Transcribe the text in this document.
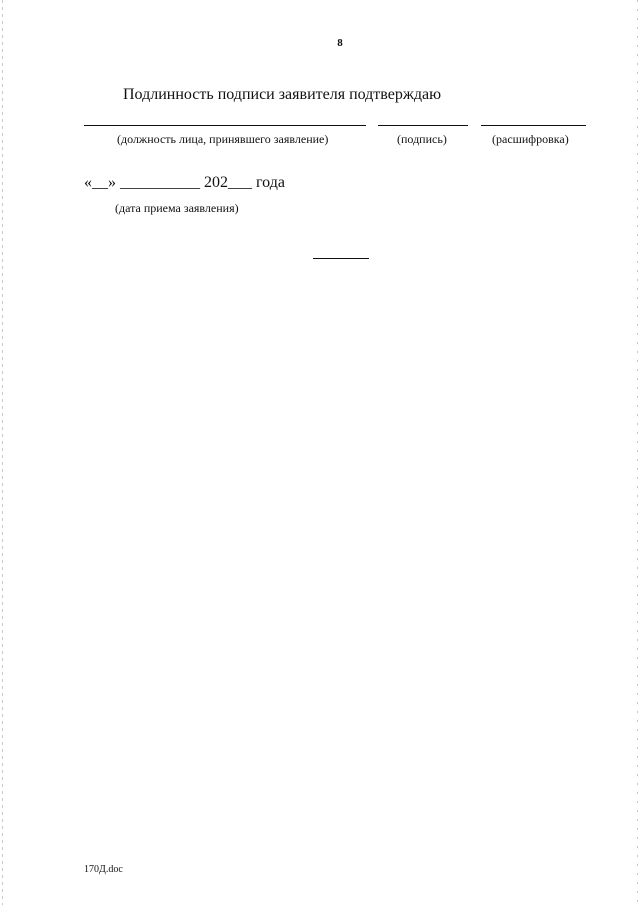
8
Подлинность подписи заявителя подтверждаю
(должность лица, принявшего заявление)	(подпись)	(расшифровка)
«__» __________ 202___ года
(дата приема заявления)
170Д.doc
